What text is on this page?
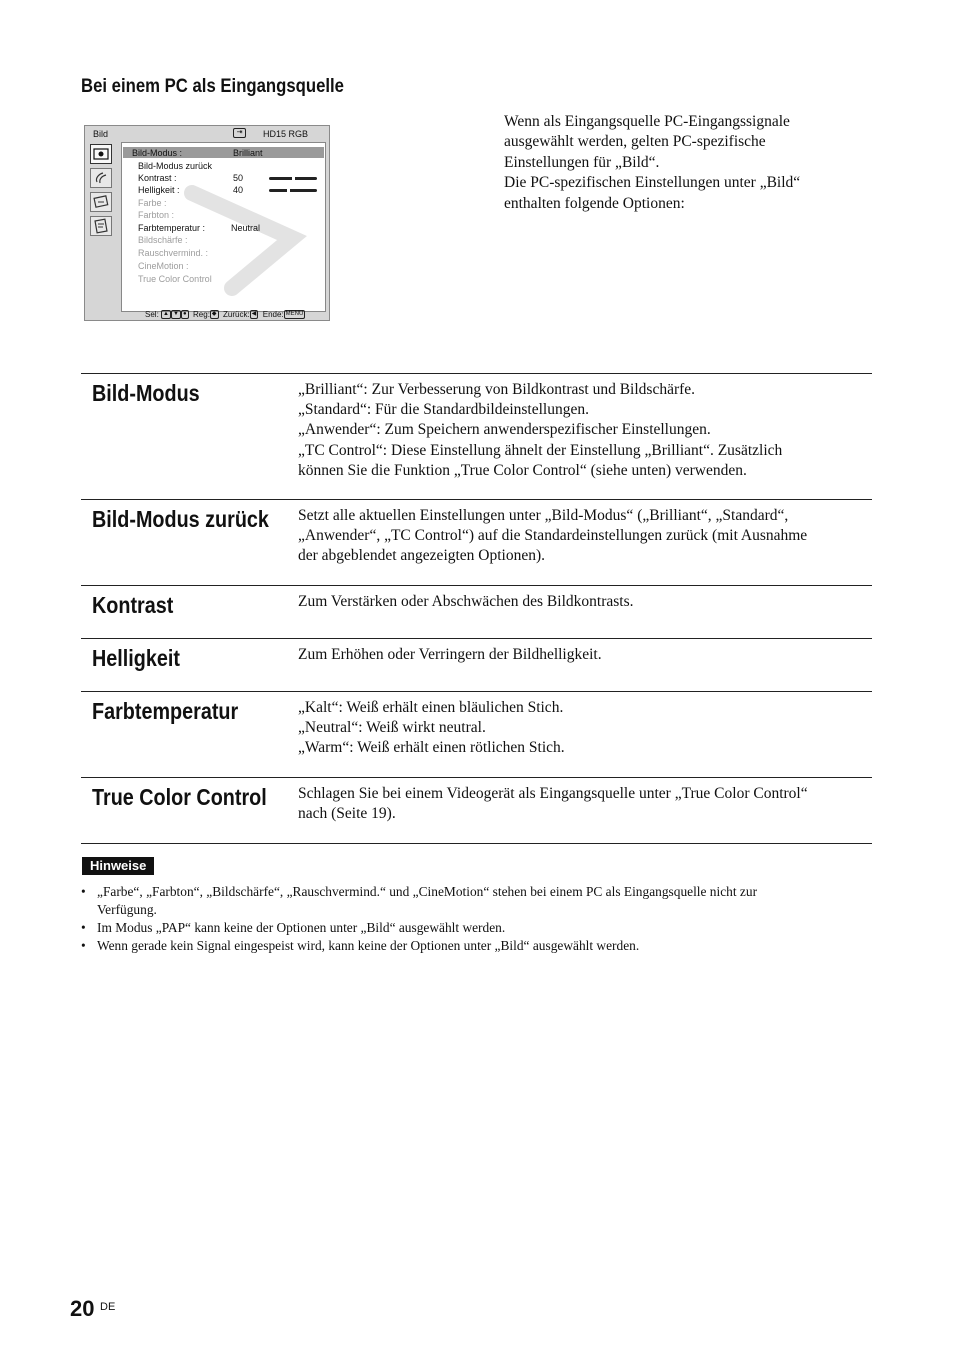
Bei einem PC als Eingangsquelle
Wenn als Eingangsquelle PC-Eingangssignale
ausgewählt werden, gelten PC-spezifische
Einstellungen für „Bild“.
Die PC-spezifischen Einstellungen unter „Bild“
enthalten folgende Optionen:
Bild	⇥	HD15 RGB
Bild-Modus :	Brilliant
Bild-Modus zurück
Kontrast :	50
Helligkeit :	40
Farbe :
Farbton :
Farbtemperatur :	Neutral
Bildschärfe :
Rauschvermind. :
CineMotion :
True Color Control
Sel: ▲ ▼ ● Reg: ◆ Zurück: ◀ Ende: MENU
Bild-Modus	„Brilliant“: Zur Verbesserung von Bildkontrast und Bildschärfe.
„Standard“: Für die Standardbildeinstellungen.
„Anwender“: Zum Speichern anwenderspezifischer Einstellungen.
„TC Control“: Diese Einstellung ähnelt der Einstellung „Brilliant“. Zusätzlich
können Sie die Funktion „True Color Control“ (siehe unten) verwenden.
Bild-Modus zurück Setzt alle aktuellen Einstellungen unter „Bild-Modus“ („Brilliant“, „Standard“,
„Anwender“, „TC Control“) auf die Standardeinstellungen zurück (mit Ausnahme
der abgeblendet angezeigten Optionen).
Kontrast	Zum Verstärken oder Abschwächen des Bildkontrasts.
Helligkeit	Zum Erhöhen oder Verringern der Bildhelligkeit.
Farbtemperatur	„Kalt“: Weiß erhält einen bläulichen Stich.
„Neutral“: Weiß wirkt neutral.
„Warm“: Weiß erhält einen rötlichen Stich.
True Color Control Schlagen Sie bei einem Videogerät als Eingangsquelle unter „True Color Control“
nach (Seite 19).
Hinweise
• „Farbe“, „Farbton“, „Bildschärfe“, „Rauschvermind.“ und „CineMotion“ stehen bei einem PC als Eingangsquelle nicht zur
Verfügung.
• Im Modus „PAP“ kann keine der Optionen unter „Bild“ ausgewählt werden.
• Wenn gerade kein Signal eingespeist wird, kann keine der Optionen unter „Bild“ ausgewählt werden.
20 DE
